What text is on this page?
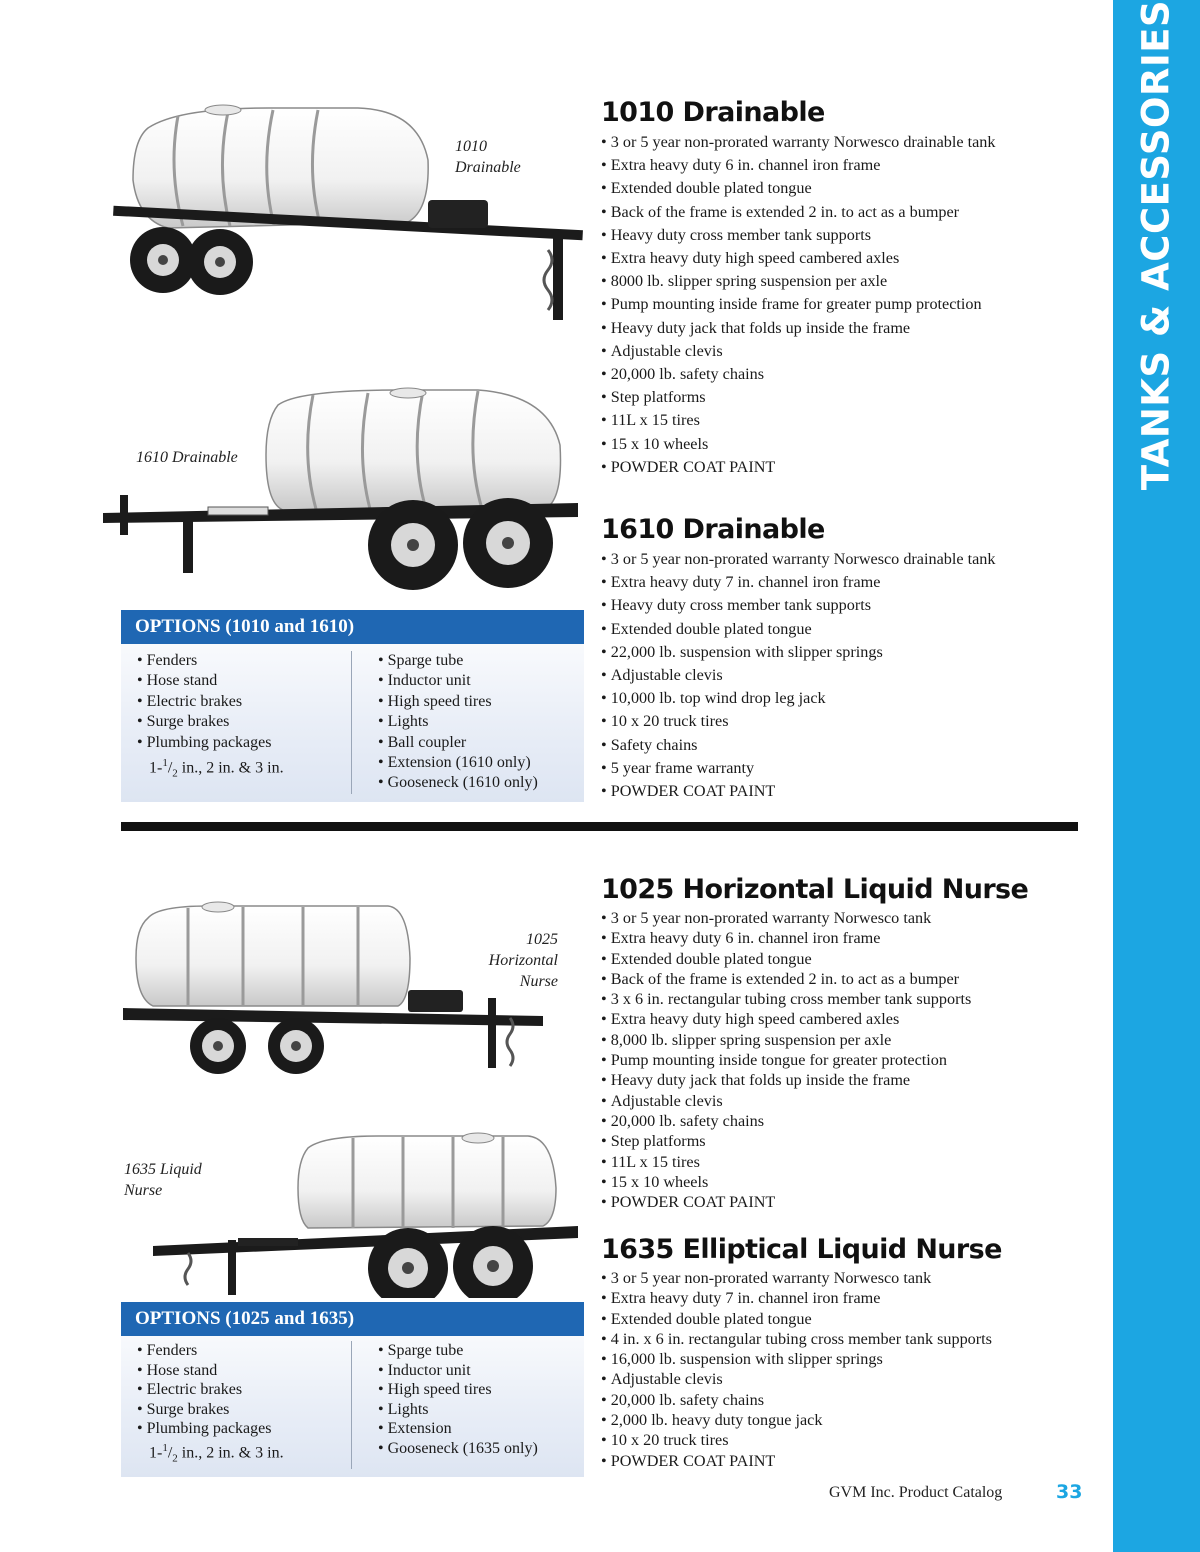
TANKS & ACCESSORIES
1010
Drainable
1610 Drainable
OPTIONS (1010 and 1610)
• Fenders
• Hose stand
• Electric brakes
• Surge brakes
• Plumbing packages
$1-^1/_2$ in., 2 in. & 3 in.
• Sparge tube
• Inductor unit
• High speed tires
• Lights
• Ball coupler
• Extension (1610 only)
• Gooseneck (1610 only)
1010 Drainable
• 3 or 5 year non-prorated warranty Norwesco drainable tank
• Extra heavy duty 6 in. channel iron frame
• Extended double plated tongue
• Back of the frame is extended 2 in. to act as a bumper
• Heavy duty cross member tank supports
• Extra heavy duty high speed cambered axles
• 8000 lb. slipper spring suspension per axle
• Pump mounting inside frame for greater pump protection
• Heavy duty jack that folds up inside the frame
• Adjustable clevis
• 20,000 lb. safety chains
• Step platforms
• 11L x 15 tires
• 15 x 10 wheels
• POWDER COAT PAINT
1610 Drainable
• 3 or 5 year non-prorated warranty Norwesco drainable tank
• Extra heavy duty 7 in. channel iron frame
• Heavy duty cross member tank supports
• Extended double plated tongue
• 22,000 lb. suspension with slipper springs
• Adjustable clevis
• 10,000 lb. top wind drop leg jack
• 10 x 20 truck tires
• Safety chains
• 5 year frame warranty
• POWDER COAT PAINT
1025
Horizontal
Nurse
1635 Liquid
Nurse
OPTIONS (1025 and 1635)
• Fenders
• Hose stand
• Electric brakes
• Surge brakes
• Plumbing packages
$1-^1/_2$ in., 2 in. & 3 in.
• Sparge tube
• Inductor unit
• High speed tires
• Lights
• Extension
• Gooseneck (1635 only)
1025 Horizontal Liquid Nurse
• 3 or 5 year non-prorated warranty Norwesco tank
• Extra heavy duty 6 in. channel iron frame
• Extended double plated tongue
• Back of the frame is extended 2 in. to act as a bumper
• 3 x 6 in. rectangular tubing cross member tank supports
• Extra heavy duty high speed cambered axles
• 8,000 lb. slipper spring suspension per axle
• Pump mounting inside tongue for greater protection
• Heavy duty jack that folds up inside the frame
• Adjustable clevis
• 20,000 lb. safety chains
• Step platforms
• 11L x 15 tires
• 15 x 10 wheels
• POWDER COAT PAINT
1635 Elliptical Liquid Nurse
• 3 or 5 year non-prorated warranty Norwesco tank
• Extra heavy duty 7 in. channel iron frame
• Extended double plated tongue
• 4 in. x 6 in. rectangular tubing cross member tank supports
• 16,000 lb. suspension with slipper springs
• Adjustable clevis
• 20,000 lb. safety chains
• 2,000 lb. heavy duty tongue jack
• 10 x 20 truck tires
• POWDER COAT PAINT
GVM Inc. Product Catalog	33
